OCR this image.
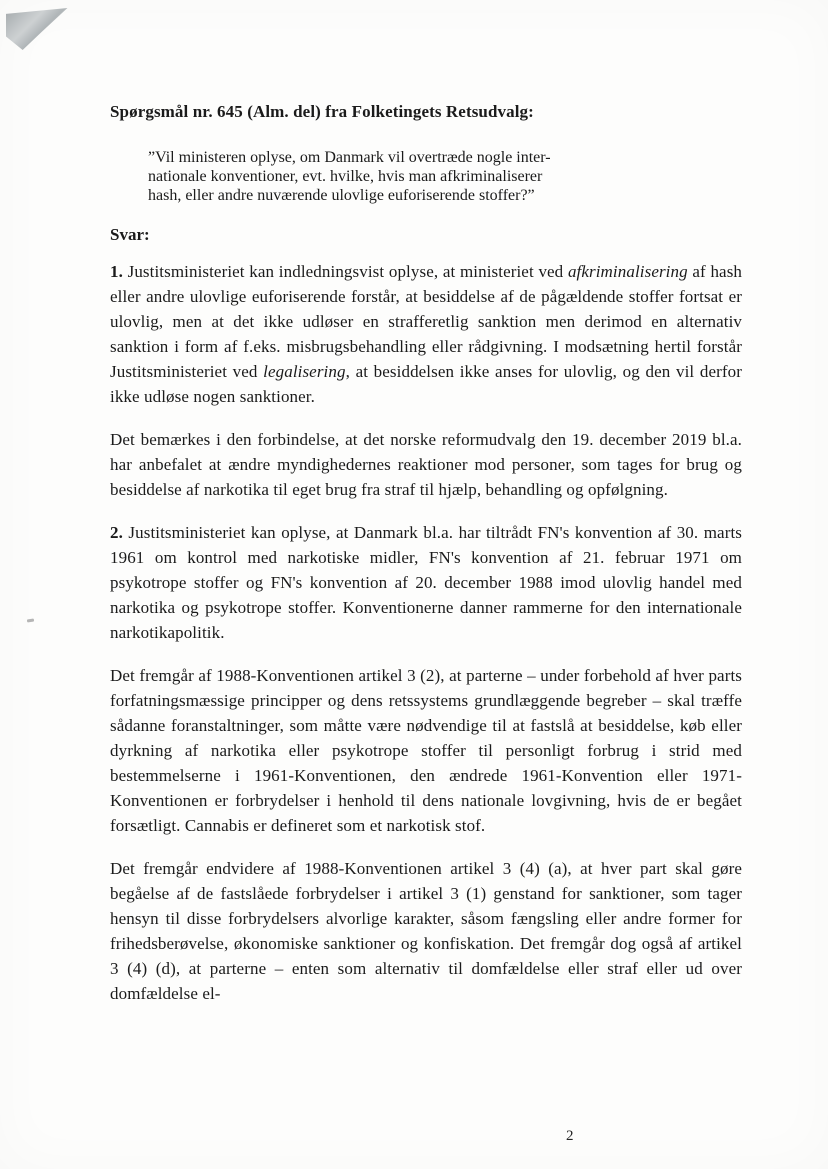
Spørgsmål nr. 645 (Alm. del) fra Folketingets Retsudvalg:
”Vil ministeren oplyse, om Danmark vil overtræde nogle inter-
nationale konventioner, evt. hvilke, hvis man afkriminaliserer
hash, eller andre nuværende ulovlige euforiserende stoffer?”
Svar:

1. Justitsministeriet kan indledningsvist oplyse, at ministeriet ved afkriminalisering af hash eller andre ulovlige euforiserende forstår, at besiddelse af de pågældende stoffer fortsat er ulovlig, men at det ikke udløser en strafferetlig sanktion men derimod en alternativ sanktion i form af f.eks. misbrugsbehandling eller rådgivning. I modsætning hertil forstår Justitsministeriet ved legalisering, at besiddelsen ikke anses for ulovlig, og den vil derfor ikke udløse nogen sanktioner.

Det bemærkes i den forbindelse, at det norske reformudvalg den 19. december 2019 bl.a. har anbefalet at ændre myndighedernes reaktioner mod personer, som tages for brug og besiddelse af narkotika til eget brug fra straf til hjælp, behandling og opfølgning.

2. Justitsministeriet kan oplyse, at Danmark bl.a. har tiltrådt FN's konvention af 30. marts 1961 om kontrol med narkotiske midler, FN's konvention af 21. februar 1971 om psykotrope stoffer og FN's konvention af 20. december 1988 imod ulovlig handel med narkotika og psykotrope stoffer. Konventionerne danner rammerne for den internationale narkotikapolitik.

Det fremgår af 1988-Konventionen artikel 3 (2), at parterne – under forbehold af hver parts forfatningsmæssige principper og dens retssystems grundlæggende begreber – skal træffe sådanne foranstaltninger, som måtte være nødvendige til at fastslå at besiddelse, køb eller dyrkning af narkotika eller psykotrope stoffer til personligt forbrug i strid med bestemmelserne i 1961-Konventionen, den ændrede 1961-Konvention eller 1971-Konventionen er forbrydelser i henhold til dens nationale lovgivning, hvis de er begået forsætligt. Cannabis er defineret som et narkotisk stof.

Det fremgår endvidere af 1988-Konventionen artikel 3 (4) (a), at hver part skal gøre begåelse af de fastslåede forbrydelser i artikel 3 (1) genstand for sanktioner, som tager hensyn til disse forbrydelsers alvorlige karakter, såsom fængsling eller andre former for frihedsberøvelse, økonomiske sanktioner og konfiskation. Det fremgår dog også af artikel 3 (4) (d), at parterne – enten som alternativ til domfældelse eller straf eller ud over domfældelse el-

2
